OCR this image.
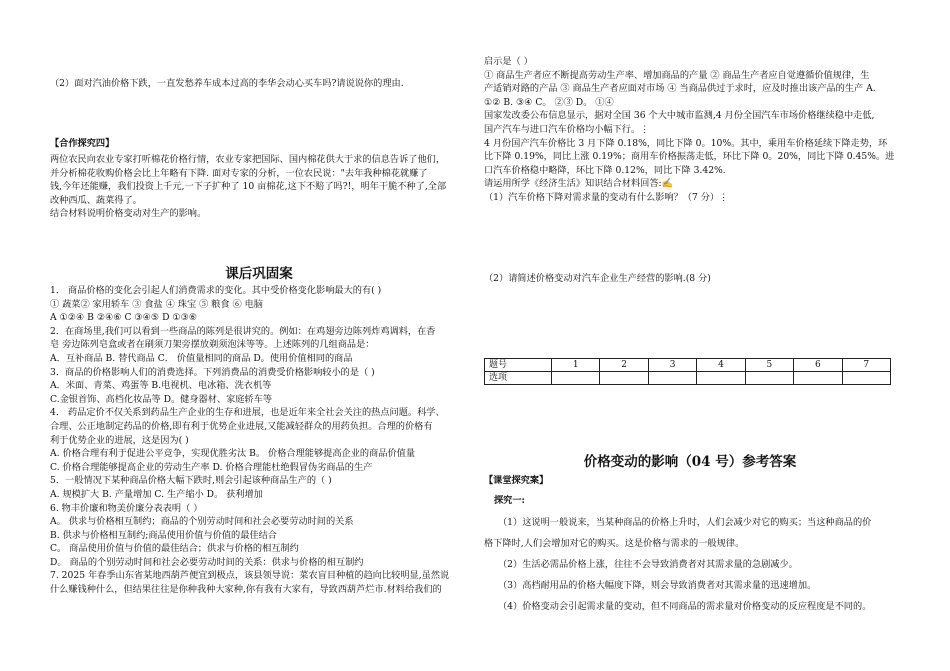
（2）面对汽油价格下跌，一直发愁养车成本过高的李华会动心买车吗?请说说你的理由.
【合作探究四】
两位农民向农业专家打听棉花价格行情，农业专家把国际、国内棉花供大于求的信息告诉了他们，
并分析棉花收购价格会比上年略有下降. 面对专家的分析，一位农民说："去年我种棉花就赚了
钱,今年还能赚，我们投资上千元,一下子扩种了 10 亩棉花,这下不赔了吗?!，明年干脆不种了,全部
改种西瓜、蔬菜得了。
结合材料说明价格变动对生产的影响。
课后巩固案
1． 商品价格的变化会引起人们消费需求的变化。其中受价格变化影响最大的有( )
① 蔬菜② 家用轿车 ③ 食盐 ④ 珠宝 ⑤ 粮食 ⑥ 电脑
A ①②④ B ②④⑥ C ③④⑤ D ①③⑥
2．在商场里,我们可以看到一些商品的陈列是很讲究的。例如：在鸡翅旁边陈列炸鸡调料，在香
皂 旁边陈列皂盒或者在刷须刀架旁摆放剃须泡沫等等。上述陈列的几组商品是：
A．互补商品 B. 替代商品 C． 价值量相同的商品 D。使用价值相同的商品
3．商品的价格影响人们的消费选择。下列消费品的消费受价格影响较小的是（ )
A．米面、青菜、鸡蛋等 B.电视机、电冰箱、洗衣机等
C.金银首饰、高档化妆品等 D。健身器材、家庭轿车等
4． 药品定价不仅关系到药品生产企业的生存和进展，也是近年来全社会关注的热点问题。科学、
合理、公正地制定药品的价格,即有利于优势企业进展,又能减轻群众的用药负担。合理的价格有
利于优势企业的进展，这是因为( )
A. 价格合理有利于促进公平竞争，实现优胜劣汰 B。 价格合理能够提高企业的商品价值量
C. 价格合理能够提高企业的劳动生产率 D. 价格合理能杜绝假冒伪劣商品的生产
5．一般情况下某种商品价格大幅下跌时,则会引起该种商品生产的（ )
A. 规模扩大 B. 产量增加 C. 生产缩小 D。 获利增加
6. 物丰价廉和物美价廉分表表明（ ）
A。 供求与价格相互制约；商品的个别劳动时间和社会必要劳动时间的关系
B. 供求与价格相互制约;商品使用价值与价值的最佳结合
C。 商品使用价值与价值的最佳结合；供求与价格的相互制约
D。 商品的个别劳动时间和社会必要劳动时间的关系：供求与价格的相互制约
7. 2025 年春季山东省某地西葫芦便宜到极点，该县领导说：菜农盲目种植的趋向比较明显,虽然说
什么赚钱种什么，但结果往往是你种我种大家种,你有我有大家有，导致西葫芦烂市.材料给我们的
启示是（ ）
① 商品生产者应不断提高劳动生产率、增加商品的产量 ② 商品生产者应自觉遵循价值规律，生
产适销对路的产品 ③ 商品生产者应面对市场 ④ 当商品供过于求时，应及时推出该产品的生产 A.
①② B. ③④ C。 ②③ D。 ①④
国家发改委公布信息显示，据对全国 36 个大中城市监测,4 月份全国汽车市场价格继续稳中走低,
国产汽车与进口汽车价格均小幅下行。⋮
4 月份国产汽车价格比 3 月下降 0.18%，同比下降 0。10%。其中，乘用车价格延续下降走势，环
比下降 0.19%，同比上涨 0.19%；商用车价格振荡走低，环比下降 0。20%，同比下降 0.45%。进
口汽车价格稳中略降，环比下降 0.12%，同比下降 3.42%.
请运用所学《经济生活》知识结合材料回答:✍
（1）汽车价格下降对需求量的变动有什么影响？（7 分）⋮
（2）请简述价格变动对汽车企业生产经营的影响.(8 分)
题号	1	2	3	4	5	6	7
选项							
价格变动的影响（04 号）参考答案
【课堂探究案】
探究一:
（1）这说明一般说来，当某种商品的价格上升时，人们会减少对它的购买；当这种商品的价
格下降时,人们会增加对它的购买。这是价格与需求的一般规律。
（2）生活必需品价格上涨，往往不会导致消费者对其需求量的急剧减少。
（3）高档耐用品的价格大幅度下降，则会导致消费者对其需求量的迅速增加。
（4）价格变动会引起需求量的变动，但不同商品的需求量对价格变动的反应程度是不同的。
